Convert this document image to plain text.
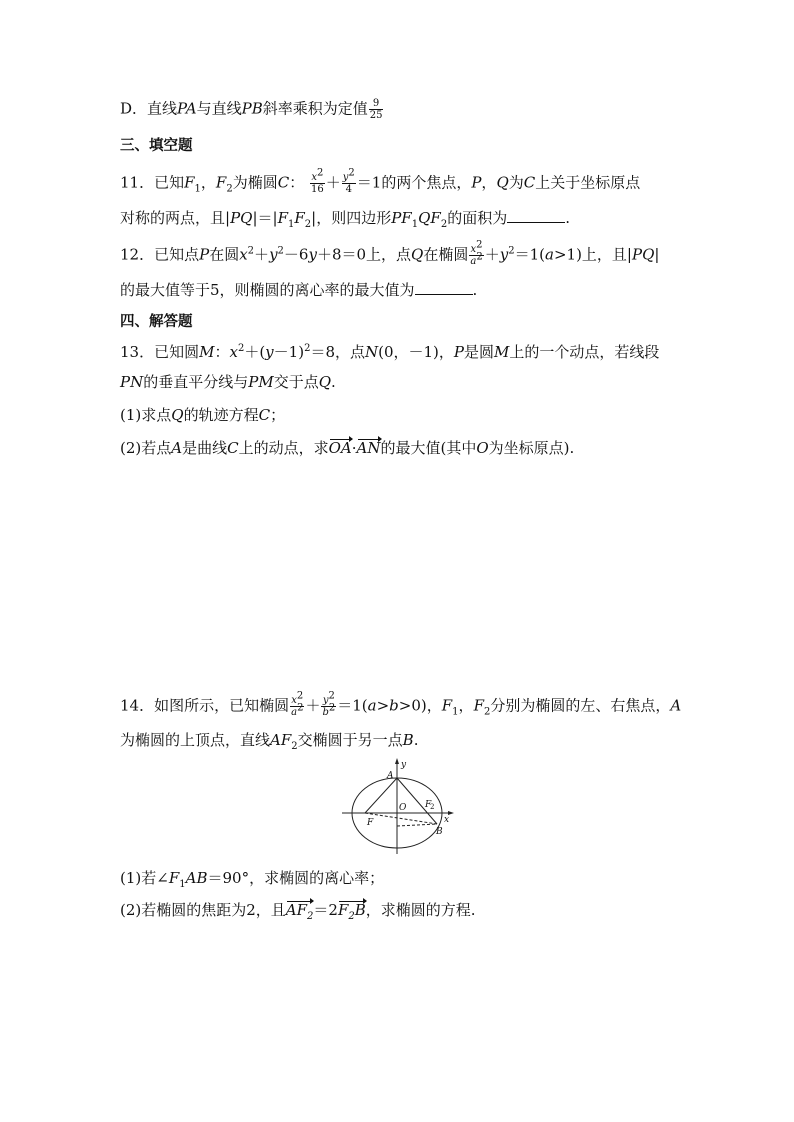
D．直线PA与直线PB斜率乘积为定值 $\frac{9}{25}$
三、填空题
11．已知$F_1$，$F_2$为椭圆C： $\frac{x^2}{16} + \frac{y^2}{4} =1$的两个焦点，P，Q为C上关于坐标原点
对称的两点，且$|PQ|=|F_1F_2|$，则四边形$PF_1QF_2$的面积为	.
12．已知点P在圆$x^2+y^2-6y+8=0$上，点Q在椭圆 $\frac{x^2}{a^2} +y^2=1(a>1)$上，且|PQ|
的最大值等于5，则椭圆的离心率的最大值为	.
四、解答题
13．已知圆M：$x^2+(y-1)^2=8$，点N(0，－1)，P是圆M上的一个动点，若线段
PN的垂直平分线与PM交于点Q.
(1)求点Q的轨迹方程C；
(2)若点A是曲线C上的动点，求OA·AN的最大值(其中O为坐标原点).
14．如图所示，已知椭圆 $\frac{x^2}{a^2} + \frac{y^2}{b^2} =1(a>b>0)$，$F_1$，$F_2$分别为椭圆的左、右焦点，A
为椭圆的上顶点，直线$AF_2$交椭圆于另一点B.
y
x
A
O
F
F
2
B
(1)若$\angle F_1AB=90^\circ$，求椭圆的离心率；
(2)若椭圆的焦距为2，且$AF_2=2F_2B$，求椭圆的方程.
